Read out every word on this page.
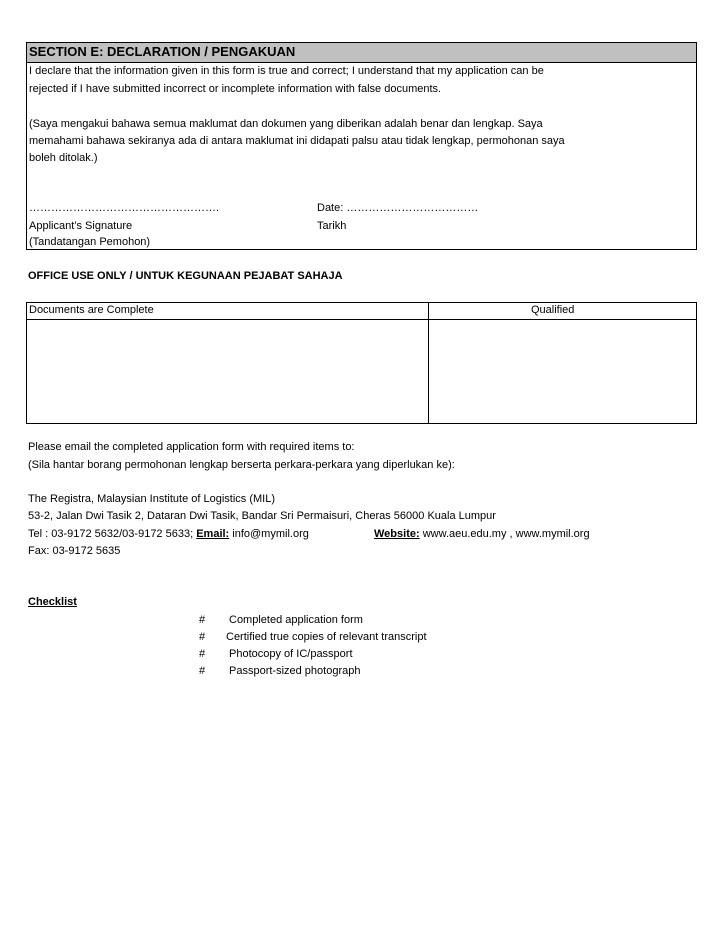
SECTION E: DECLARATION / PENGAKUAN
I declare that the information given in this form is true and correct; I understand that my application can be
rejected if I have submitted incorrect or incomplete information with false documents.
(Saya mengakui bahawa semua maklumat dan dokumen yang diberikan adalah benar dan lengkap. Saya
memahami bahawa sekiranya ada di antara maklumat ini didapati palsu atau tidak lengkap, permohonan saya
boleh ditolak.)
…………………………………………….	Date: ………………………………
Applicant’s Signature	Tarikh
(Tandatangan Pemohon)
OFFICE USE ONLY / UNTUK KEGUNAAN PEJABAT SAHAJA
Documents are Complete	Qualified
Please email the completed application form with required items to:
(Sila hantar borang permohonan lengkap berserta perkara-perkara yang diperlukan ke):
The Registra, Malaysian Institute of Logistics (MIL)
53-2, Jalan Dwi Tasik 2, Dataran Dwi Tasik, Bandar Sri Permaisuri, Cheras 56000 Kuala Lumpur
Tel : 03-9172 5632/03-9172 5633; Email: info@mymil.org	Website: www.aeu.edu.my , www.mymil.org
Fax: 03-9172 5635
Checklist
# Completed application form
# Certified true copies of relevant transcript
# Photocopy of IC/passport
# Passport-sized photograph
